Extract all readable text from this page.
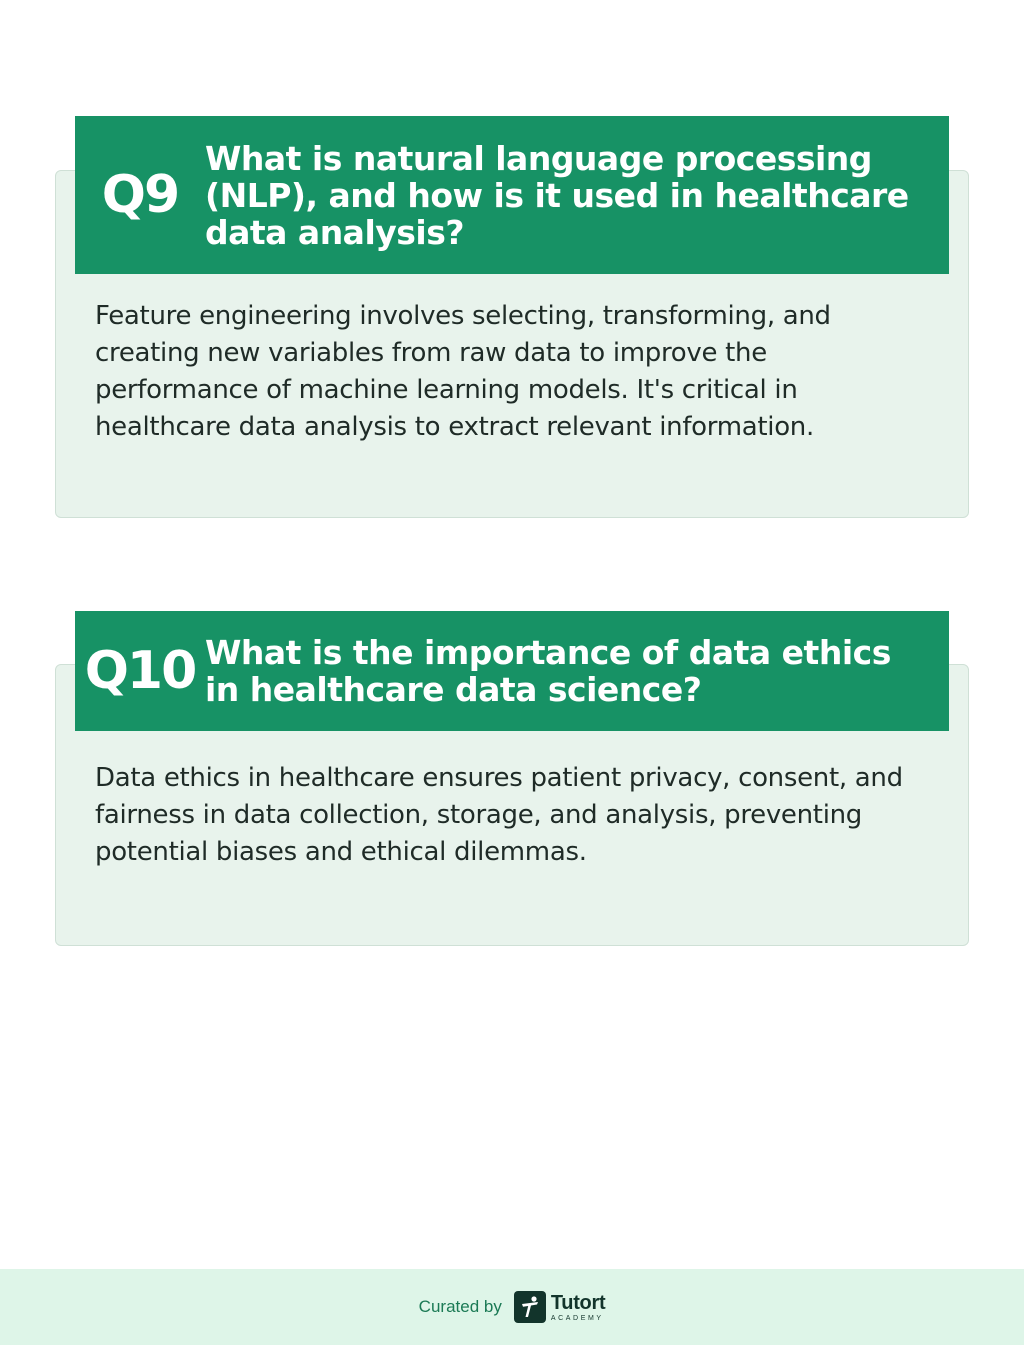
Q9
What is natural language processing (NLP), and how is it used in healthcare data analysis?
Feature engineering involves selecting, transforming, and creating new variables from raw data to improve the performance of machine learning models. It's critical in healthcare data analysis to extract relevant information.
Q10 What is the importance of data ethics in healthcare data science?
Data ethics in healthcare ensures patient privacy, consent, and fairness in data collection, storage, and analysis, preventing potential biases and ethical dilemmas.
Curated by Tutort
ACADEMY
